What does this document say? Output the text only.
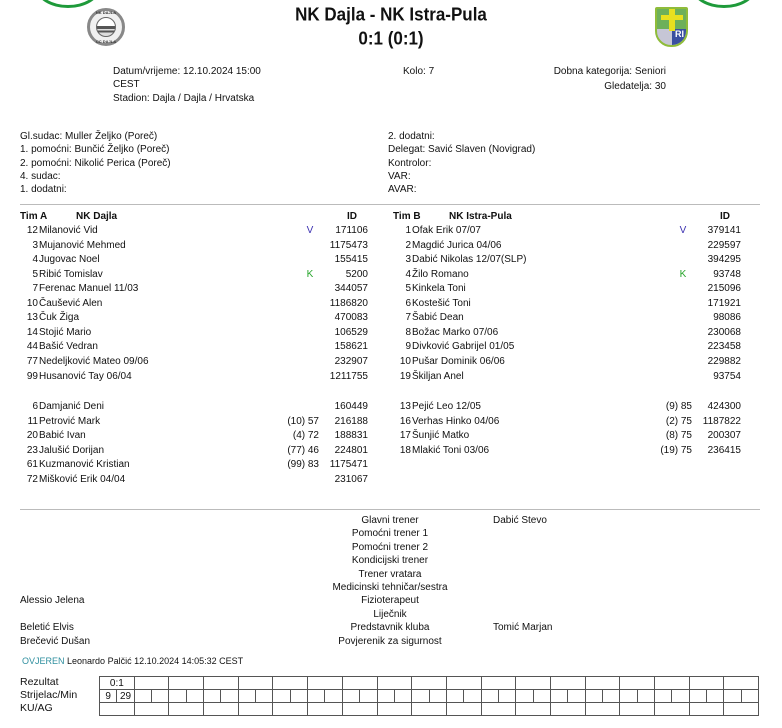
NK DAJLA
CC DAJLA
RI
NK Dajla - NK Istra-Pula
0:1 (0:1)
Datum/vrijeme: 12.10.2024 15:00
CEST
Stadion: Dajla / Dajla / Hrvatska
Kolo: 7	Dobna kategorija: Seniori
Gledatelja: 30
Gl.sudac: Muller Željko (Poreč)
1. pomoćni: Bunčić Željko (Poreč)
2. pomoćni: Nikolić Perica (Poreč)
4. sudac:
1. dodatni:
2. dodatni:
Delegat: Savić Slaven (Novigrad)
Kontrolor:
VAR:
AVAR:
Tim A	NK Dajla	ID	Tim B	NK Istra-Pula	ID
12 Milanović Vid	V	171106
3 Mujanović Mehmed	1175473
4 Jugovac Noel	155415
5 Ribić Tomislav	K	5200
7 Ferenac Manuel 11/03	344057
10 Čaušević Alen	1186820
13 Čuk Žiga	470083
14 Stojić Mario	106529
44 Bašić Vedran	158621
77 Nedeljković Mateo 09/06	232907
99 Husanović Tay 06/04	1211755
6 Damjanić Deni	160449
11 Petrović Mark	(10) 57	216188
20 Babić Ivan	(4) 72	188831
23 Jalušić Dorijan	(77) 46	224801
61 Kuzmanović Kristian	(99) 83	1175471
72 Mišković Erik 04/04	231067
1 Ofak Erik 07/07	V	379141
2 Magdić Jurica 04/06	229597
3 Dabić Nikolas 12/07(SLP)	394295
4 Žilo Romano	K	93748
5 Kinkela Toni	215096
6 Kostešić Toni	171921
7 Šabić Dean	98086
8 Božac Marko 07/06	230068
9 Divković Gabrijel 01/05	223458
10 Pušar Dominik 06/06	229882
19 Škiljan Anel	93754
13 Pejić Leo 12/05	(9) 85	424300
16 Verhas Hinko 04/06	(2) 75	1187822
17 Šunjić Matko	(8) 75	200307
18 Mlakić Toni 03/06	(19) 75	236415
Glavni trener	Dabić Stevo
Pomoćni trener 1
Pomoćni trener 2
Kondicijski trener
Trener vratara
Medicinski tehničar/sestra
Alessio Jelena	Fizioterapeut
Liječnik
Beletić Elvis	Predstavnik kluba	Tomić Marjan
Brečević Dušan	Povjerenik za sigurnost
OVJEREN Leonardo Palčić 12.10.2024 14:05:32 CEST
Rezultat
Strijelac/Min
KU/AG
0:1																																					
9	29																																				
